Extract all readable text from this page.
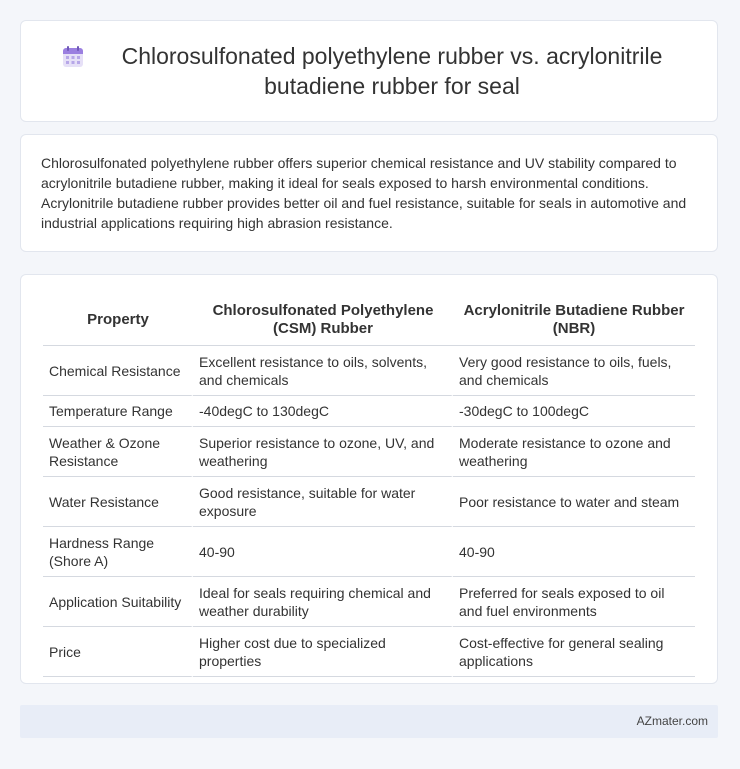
Chlorosulfonated polyethylene rubber vs. acrylonitrile butadiene rubber for seal

Chlorosulfonated polyethylene rubber offers superior chemical resistance and UV stability compared to acrylonitrile butadiene rubber, making it ideal for seals exposed to harsh environmental conditions. Acrylonitrile butadiene rubber provides better oil and fuel resistance, suitable for seals in automotive and industrial applications requiring high abrasion resistance.

Property	Chlorosulfonated Polyethylene (CSM) Rubber	Acrylonitrile Butadiene Rubber (NBR)
Chemical Resistance	Excellent resistance to oils, solvents, and chemicals	Very good resistance to oils, fuels, and chemicals
Temperature Range	-40degC to 130degC	-30degC to 100degC
Weather & Ozone Resistance	Superior resistance to ozone, UV, and weathering	Moderate resistance to ozone and weathering
Water Resistance	Good resistance, suitable for water exposure	Poor resistance to water and steam
Hardness Range (Shore A)	40-90	40-90
Application Suitability	Ideal for seals requiring chemical and weather durability	Preferred for seals exposed to oil and fuel environments
Price	Higher cost due to specialized properties	Cost-effective for general sealing applications
AZmater.com
